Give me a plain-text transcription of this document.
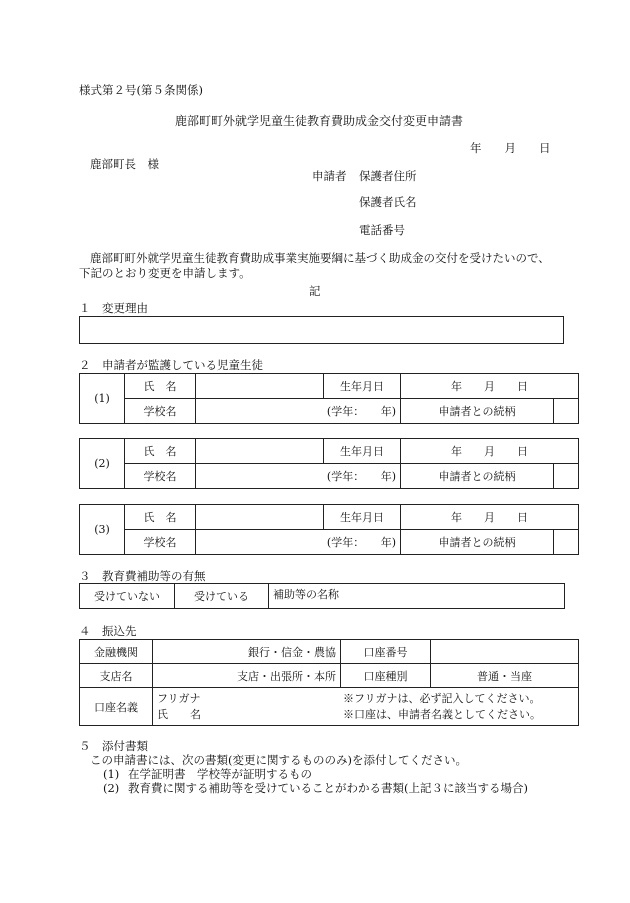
様式第２号(第５条関係)
鹿部町町外就学児童生徒教育費助成金交付変更申請書
年　　月　　日
鹿部町長　様
申請者 保護者住所
保護者氏名
電話番号
鹿部町町外就学児童生徒教育費助成事業実施要綱に基づく助成金の交付を受けたいので、
下記のとおり変更を申請します。
記
１　変更理由
２　申請者が監護している児童生徒
(1)	氏　名		生年月日	年　　月　　日	
	学校名	(学年：　　年)		申請者との続柄	
(2)	氏　名		生年月日	年　　月　　日	
	学校名	(学年：　　年)		申請者との続柄	
(3)	氏　名		生年月日	年　　月　　日	
	学校名	(学年：　　年)		申請者との続柄	
３　教育費補助等の有無
受けていない	受けている	補助等の名称
４　振込先
金融機関	銀行・信金・農協	口座番号	
支店名	支店・出張所・本所	口座種別	普通・当座
口座名義	フリガナ
氏　　名
※フリガナは、必ず記入してください。
※口座は、申請者名義としてください。		
５　添付書類
この申請書には、次の書類(変更に関するもののみ)を添付してください。
(1) 在学証明書　学校等が証明するもの
(2) 教育費に関する補助等を受けていることがわかる書類(上記３に該当する場合)
